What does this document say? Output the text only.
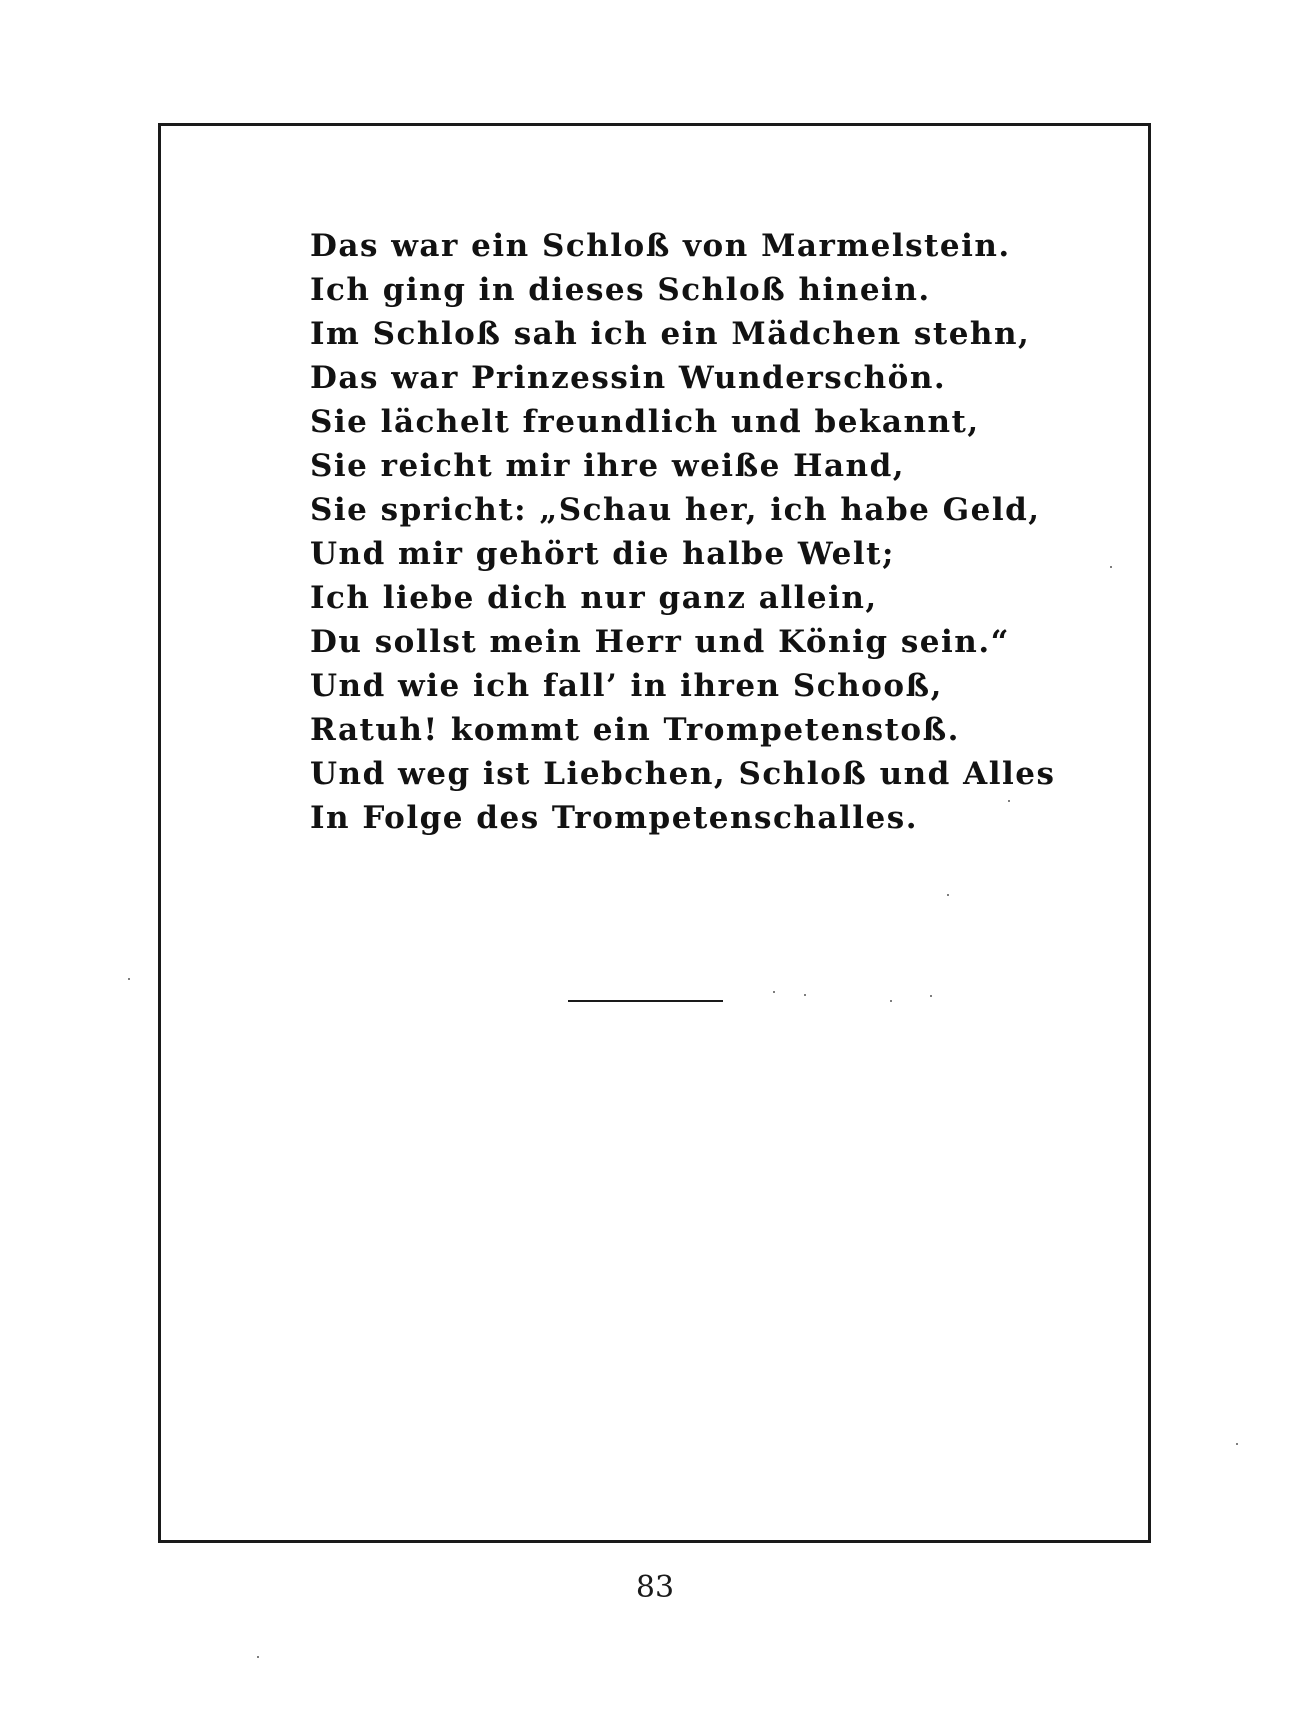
Das war ein Schloß von Marmelstein.
Ich ging in dieses Schloß hinein.
Im Schloß sah ich ein Mädchen stehn,
Das war Prinzessin Wunderschön.
Sie lächelt freundlich und bekannt,
Sie reicht mir ihre weiße Hand,
Sie spricht: „Schau her, ich habe Geld,
Und mir gehört die halbe Welt;
Ich liebe dich nur ganz allein,
Du sollst mein Herr und König sein.“
Und wie ich fall’ in ihren Schooß,
Ratuh! kommt ein Trompetenstoß.
Und weg ist Liebchen, Schloß und Alles
In Folge des Trompetenschalles.
83
